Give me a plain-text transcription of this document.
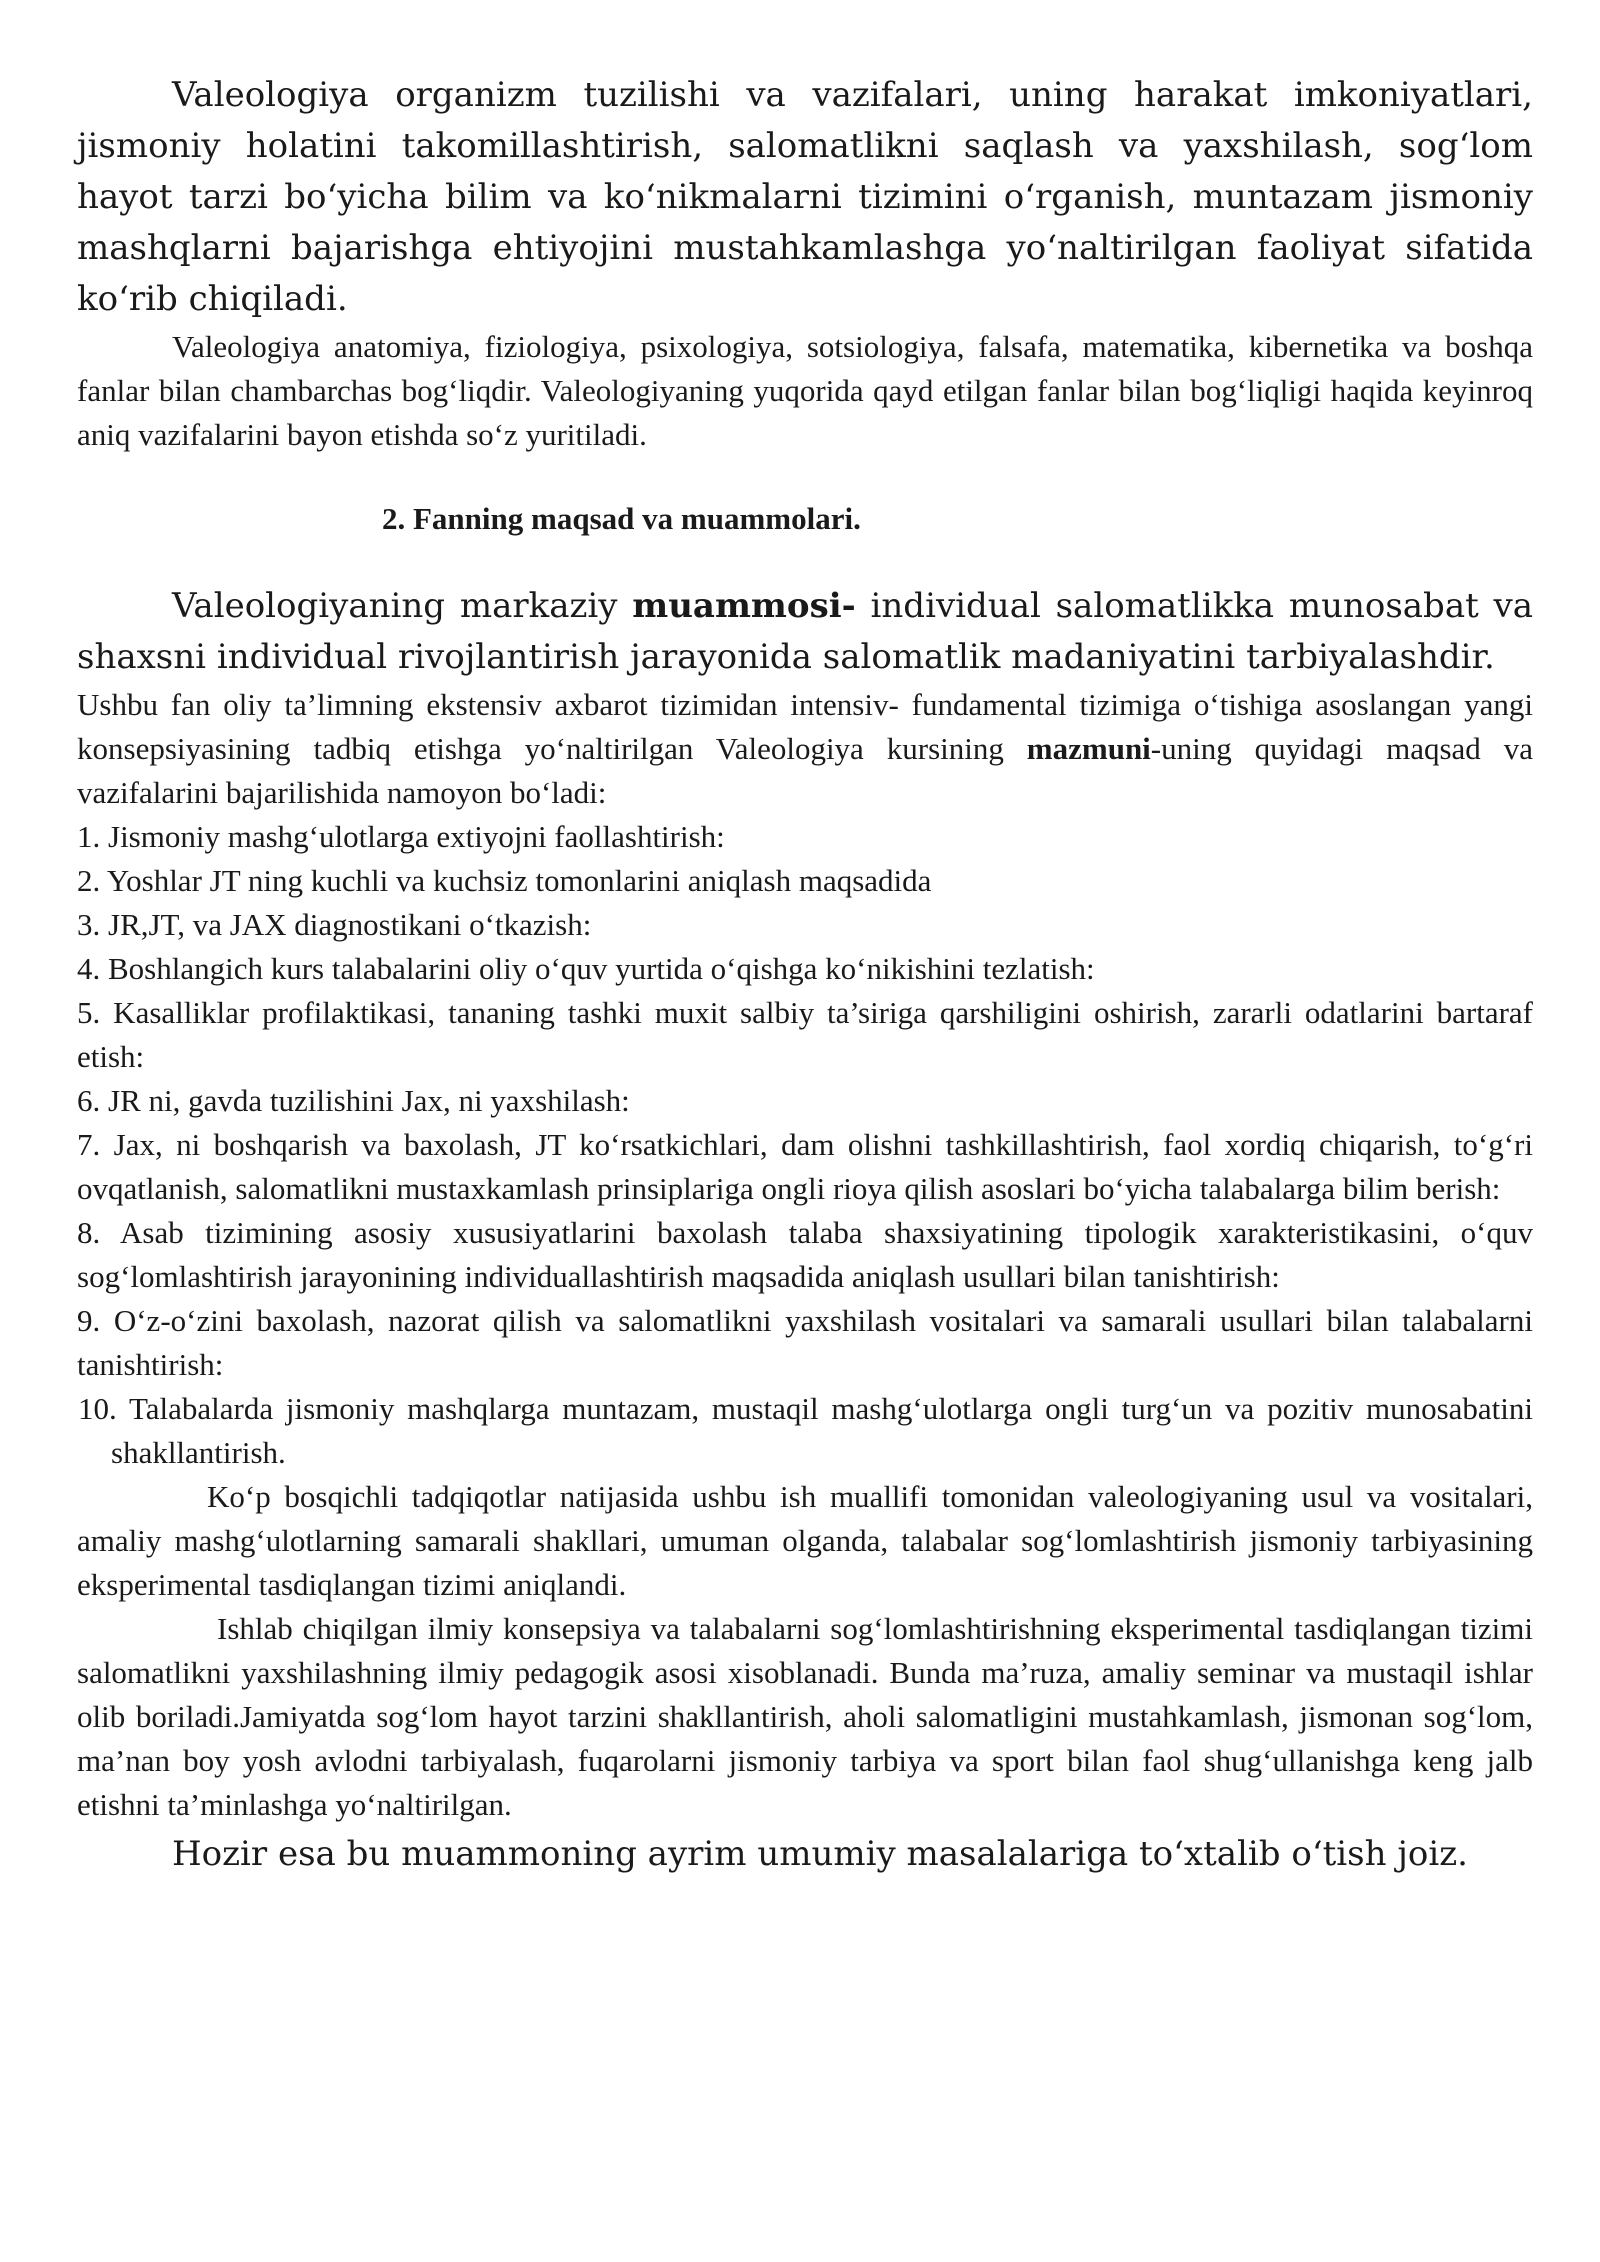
Valeologiya organizm tuzilishi va vazifalari, uning harakat imkoniyatlari, jismoniy holatini takomillashtirish, salomatlikni saqlash va yaxshilash, sog‘lom hayot tarzi bo‘yicha bilim va ko‘nikmalarni tizimini o‘rganish, muntazam jismoniy mashqlarni bajarishga ehtiyojini mustahkamlashga yo‘naltirilgan faoliyat sifatida ko‘rib chiqiladi.

Valeologiya anatomiya, fiziologiya, psixologiya, sotsiologiya, falsafa, matematika, kibernetika va boshqa fanlar bilan chambarchas bog‘liqdir. Valeologiyaning yuqorida qayd etilgan fanlar bilan bog‘liqligi haqida keyinroq aniq vazifalarini bayon etishda so‘z yuritiladi.

2. Fanning maqsad va muammolari.

Valeologiyaning markaziy muammosi- individual salomatlikka munosabat va shaxsni individual rivojlantirish jarayonida salomatlik madaniyatini tarbiyalashdir.

Ushbu fan oliy ta’limning ekstensiv axbarot tizimidan intensiv- fundamental tizimiga o‘tishiga asoslangan yangi konsepsiyasining tadbiq etishga yo‘naltirilgan Valeologiya kursining mazmuni-uning quyidagi maqsad va vazifalarini bajarilishida namoyon bo‘ladi:

1. Jismoniy mashg‘ulotlarga extiyojni faollashtirish:
2. Yoshlar JT ning kuchli va kuchsiz tomonlarini aniqlash maqsadida
3. JR,JT, va JAX diagnostikani o‘tkazish:
4. Boshlangich kurs talabalarini oliy o‘quv yurtida o‘qishga ko‘nikishini tezlatish:
5. Kasalliklar profilaktikasi, tananing tashki muxit salbiy ta’siriga qarshiligini oshirish, zararli odatlarini bartaraf etish:
6. JR ni, gavda tuzilishini Jax, ni yaxshilash:
7. Jax, ni boshqarish va baxolash, JT ko‘rsatkichlari, dam olishni tashkillashtirish, faol xordiq chiqarish, to‘g‘ri ovqatlanish, salomatlikni mustaxkamlash prinsiplariga ongli rioya qilish asoslari bo‘yicha talabalarga bilim berish:
8. Asab tizimining asosiy xususiyatlarini baxolash talaba shaxsiyatining tipologik xarakteristikasini, o‘quv sog‘lomlashtirish jarayonining individuallashtirish maqsadida aniqlash usullari bilan tanishtirish:
9. O‘z-o‘zini baxolash, nazorat qilish va salomatlikni yaxshilash vositalari va samarali usullari bilan talabalarni tanishtirish:
10. Talabalarda jismoniy mashqlarga muntazam, mustaqil mashg‘ulotlarga ongli turg‘un va pozitiv munosabatini shakllantirish.

Ko‘p bosqichli tadqiqotlar natijasida ushbu ish muallifi tomonidan valeologiyaning usul va vositalari, amaliy mashg‘ulotlarning samarali shakllari, umuman olganda, talabalar sog‘lomlashtirish jismoniy tarbiyasining eksperimental tasdiqlangan tizimi aniqlandi.

Ishlab chiqilgan ilmiy konsepsiya va talabalarni sog‘lomlashtirishning eksperimental tasdiqlangan tizimi salomatlikni yaxshilashning ilmiy pedagogik asosi xisoblanadi. Bunda ma’ruza, amaliy seminar va mustaqil ishlar olib boriladi.Jamiyatda sog‘lom hayot tarzini shakllantirish, aholi salomatligini mustahkamlash, jismonan sog‘lom, ma’nan boy yosh avlodni tarbiyalash, fuqarolarni jismoniy tarbiya va sport bilan faol shug‘ullanishga keng jalb etishni ta’minlashga yo‘naltirilgan.

Hozir esa bu muammoning ayrim umumiy masalalariga to‘xtalib o‘tish joiz.
